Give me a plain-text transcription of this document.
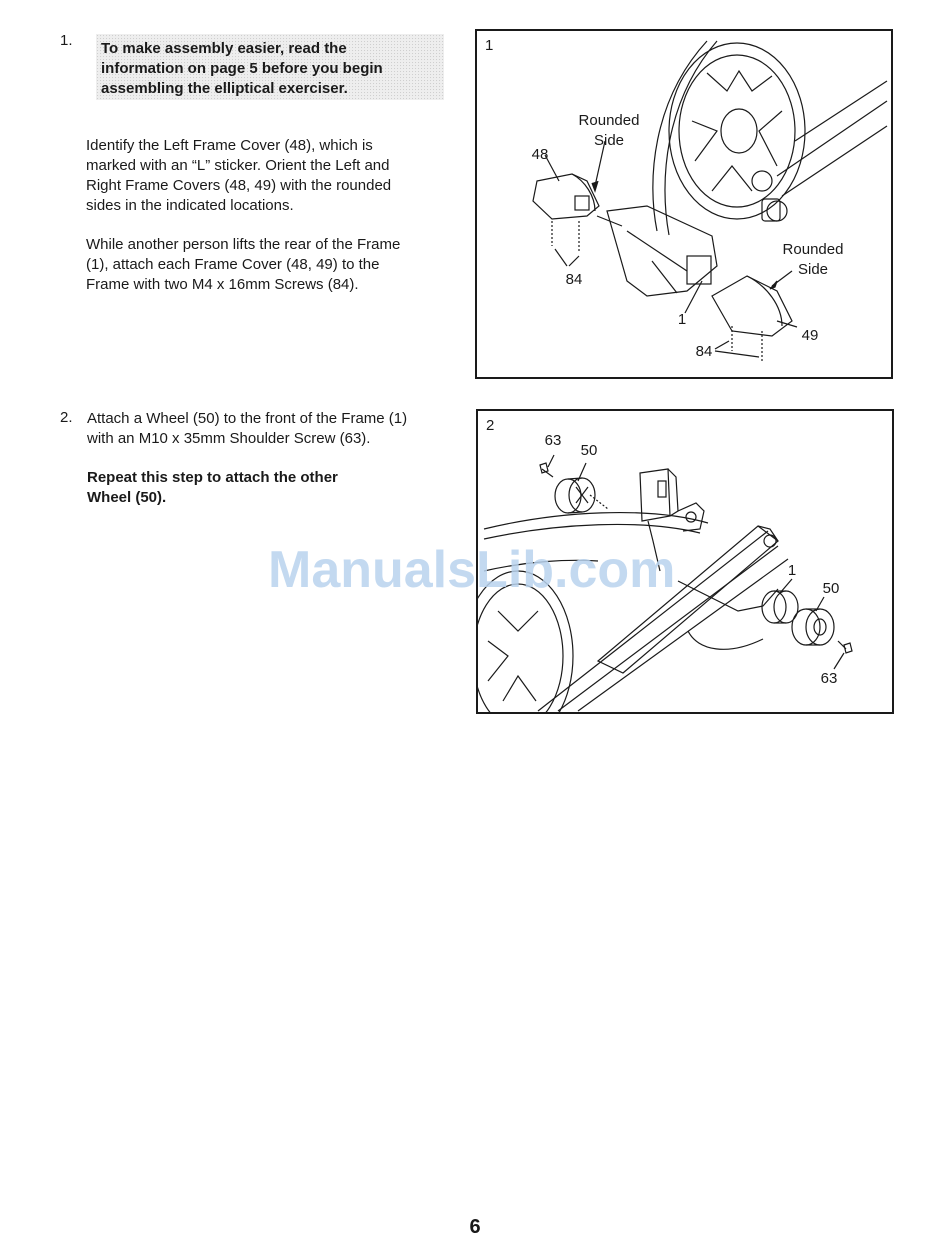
1. To make assembly easier, read the
information on page 5 before you begin
assembling the elliptical exerciser.
Identify the Left Frame Cover (48), which is
marked with an “L” sticker. Orient the Left and
Right Frame Covers (48, 49) with the rounded
sides in the indicated locations.
While another person lifts the rear of the Frame
(1), attach each Frame Cover (48, 49) to the
Frame with two M4 x 16mm Screws (84).
1
Rounded
Side
48
84
Rounded
Side
1
49
84
2. Attach a Wheel (50) to the front of the Frame (1)
with an M10 x 35mm Shoulder Screw (63).
Repeat this step to attach the other
Wheel (50).
2
63
50
1
50
63
ManualsLib.com
6
